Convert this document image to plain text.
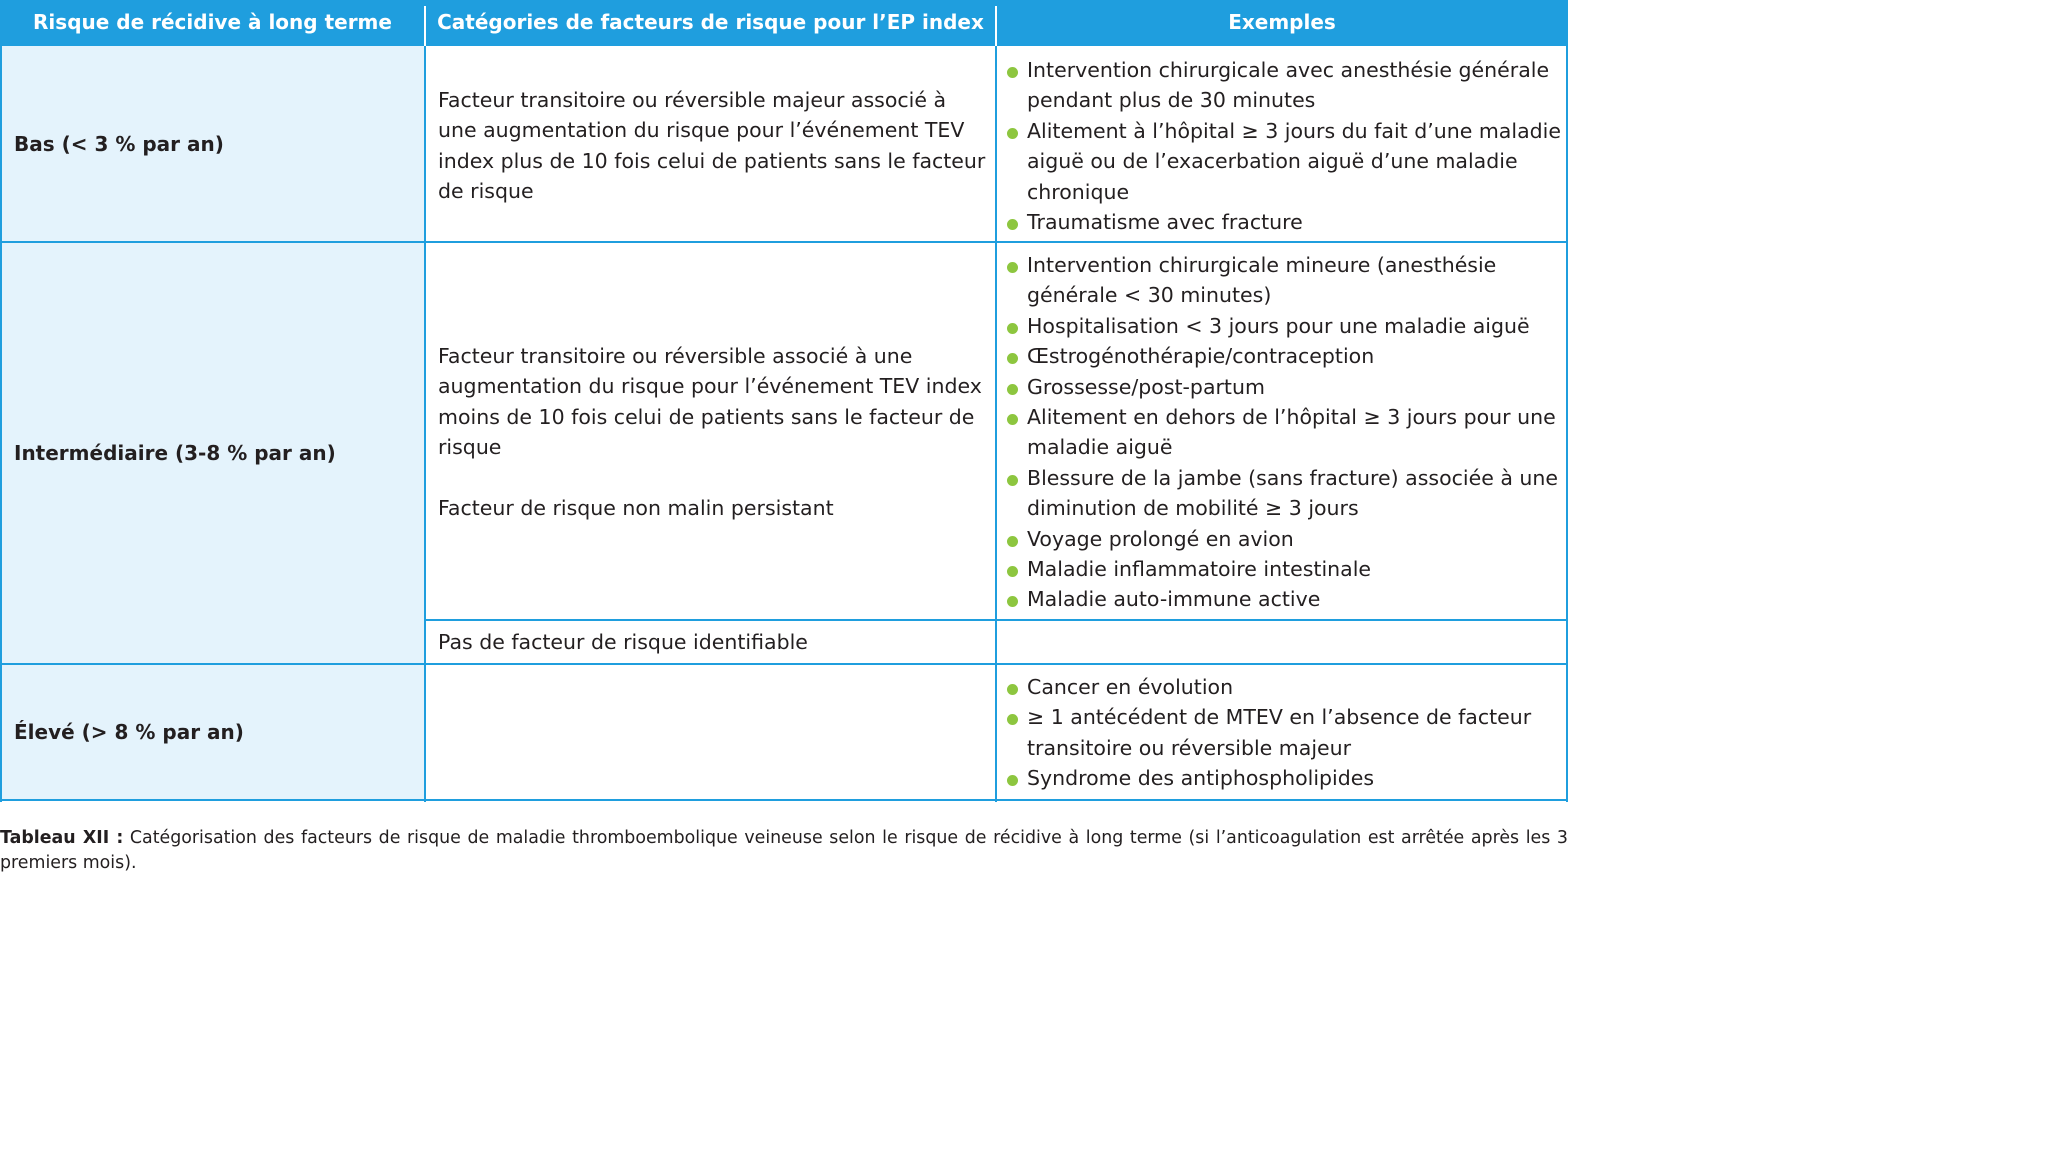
Risque de récidive à long terme Catégories de facteurs de risque pour l’EP index	Exemples
Bas (< 3 % par an)
Intermédiaire (3-8 % par an)
Élevé (> 8 % par an)
Facteur transitoire ou réversible majeur associé à une augmentation du risque pour l’événement TEV index plus de 10 fois celui de patients sans le facteur de risque
Facteur transitoire ou réversible associé à une augmentation du risque pour l’événement TEV index moins de 10 fois celui de patients sans le facteur de risque
Facteur de risque non malin persistant
Pas de facteur de risque identifiable
Intervention chirurgicale avec anesthésie générale pendant plus de 30 minutes
Alitement à l’hôpital ≥ 3 jours du fait d’une maladie aiguë ou de l’exacerbation aiguë d’une maladie chronique
Traumatisme avec fracture
Intervention chirurgicale mineure (anesthésie générale < 30 minutes)
Hospitalisation < 3 jours pour une maladie aiguë
Œstrogénothérapie/contraception
Grossesse/post-partum
Alitement en dehors de l’hôpital ≥ 3 jours pour une maladie aiguë
Blessure de la jambe (sans fracture) associée à une diminution de mobilité ≥ 3 jours
Voyage prolongé en avion
Maladie inflammatoire intestinale
Maladie auto-immune active
Cancer en évolution
≥ 1 antécédent de MTEV en l’absence de facteur transitoire ou réversible majeur
Syndrome des antiphospholipides
Tableau XII : Catégorisation des facteurs de risque de maladie thromboembolique veineuse selon le risque de récidive à long terme (si l’anticoagulation est arrêtée après les 3 premiers mois).
